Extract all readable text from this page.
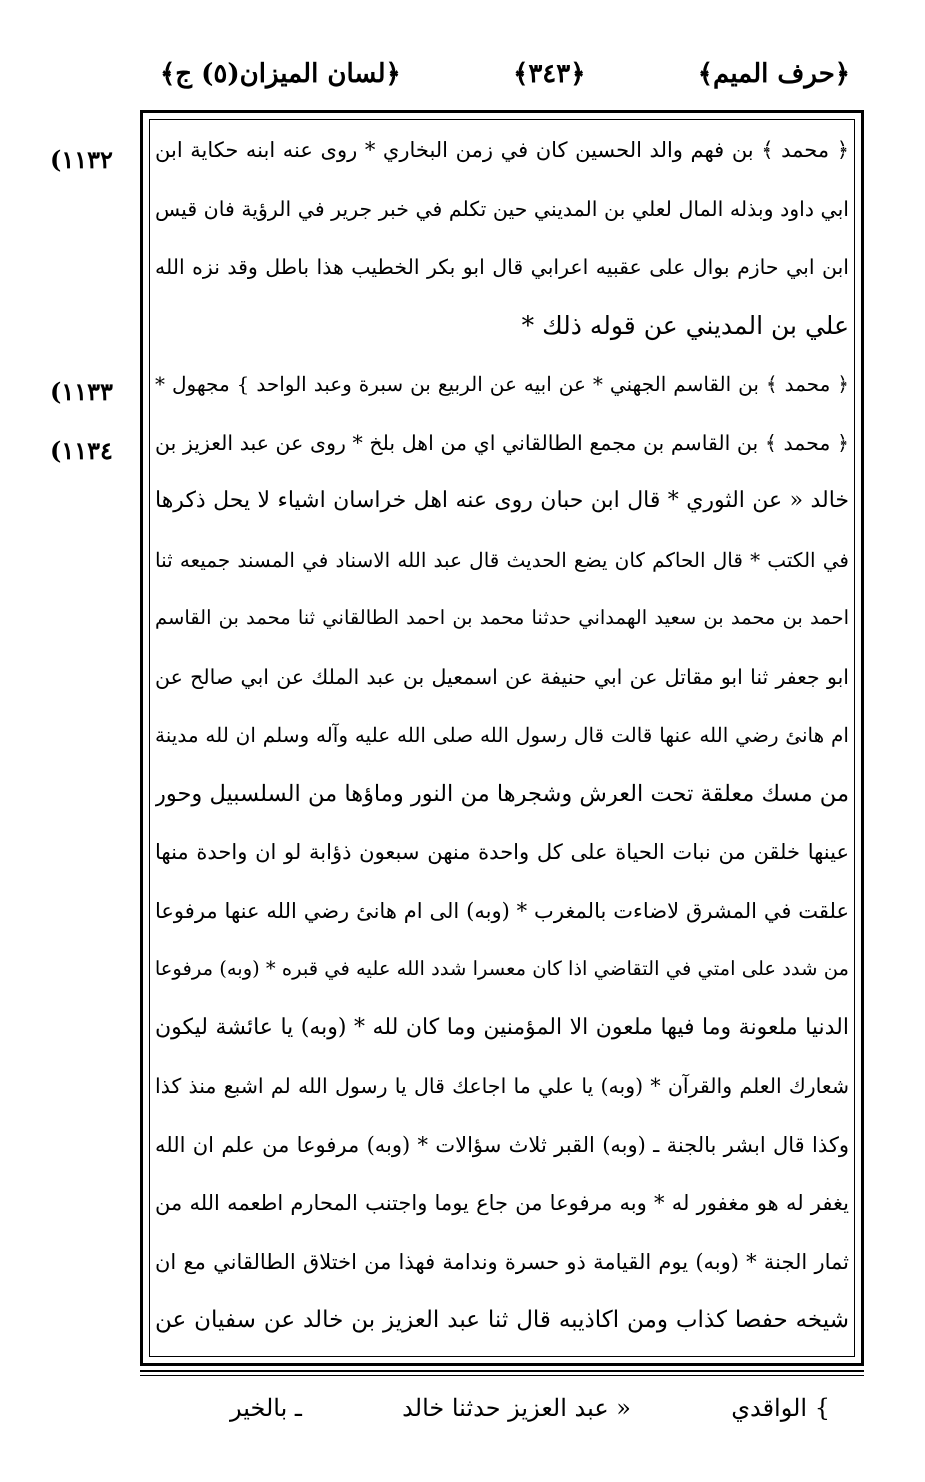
﴿حرف الميم﴾
﴿٣٤٣﴾
﴿لسان الميزان(٥) ج﴾
(١١٣٢
(١١٣٣
(١١٣٤
﴿ محمد ﴾ بن فهم والد الحسين كان في زمن البخاري * روى عنه ابنه حكاية ابن
ابي داود وبذله المال لعلي بن المديني حين تكلم في خبر جرير في الرؤية فان قيس
ابن ابي حازم بوال على عقبيه اعرابي قال ابو بكر الخطيب هذا باطل وقد نزه الله
علي بن المديني عن قوله ذلك *
﴿ محمد ﴾ بن القاسم الجهني * عن ابيه عن الربيع بن سبرة وعبد الواحد } مجهول *
﴿ محمد ﴾ بن القاسم بن مجمع الطالقاني اي من اهل بلخ * روى عن عبد العزيز بن
خالد « عن الثوري * قال ابن حبان روى عنه اهل خراسان اشياء لا يحل ذكرها
في الكتب * قال الحاكم كان يضع الحديث قال عبد الله الاسناد في المسند جميعه ثنا
احمد بن محمد بن سعيد الهمداني حدثنا محمد بن احمد الطالقاني ثنا محمد بن القاسم
ابو جعفر ثنا ابو مقاتل عن ابي حنيفة عن اسمعيل بن عبد الملك عن ابي صالح عن
ام هانئ رضي الله عنها قالت قال رسول الله صلى الله عليه وآله وسلم ان لله مدينة
من مسك معلقة تحت العرش وشجرها من النور وماؤها من السلسبيل وحور
عينها خلقن من نبات الحياة على كل واحدة منهن سبعون ذؤابة لو ان واحدة منها
علقت في المشرق لاضاءت بالمغرب * (وبه) الى ام هانئ رضي الله عنها مرفوعا
من شدد على امتي في التقاضي اذا كان معسرا شدد الله عليه في قبره * (وبه) مرفوعا
الدنيا ملعونة وما فيها ملعون الا المؤمنين وما كان لله * (وبه) يا عائشة ليكون
شعارك العلم والقرآن * (وبه) يا علي ما اجاعك قال يا رسول الله لم اشبع منذ كذا
وكذا قال ابشر بالجنة ـ (وبه) القبر ثلاث سؤالات * (وبه) مرفوعا من علم ان الله
يغفر له هو مغفور له * وبه مرفوعا من جاع يوما واجتنب المحارم اطعمه الله من
ثمار الجنة * (وبه) يوم القيامة ذو حسرة وندامة فهذا من اختلاق الطالقاني مع ان
شيخه حفصا كذاب ومن اكاذيبه قال ثنا عبد العزيز بن خالد عن سفيان عن
} الواقدي
« عبد العزيز حدثنا خالد
ـ بالخير
